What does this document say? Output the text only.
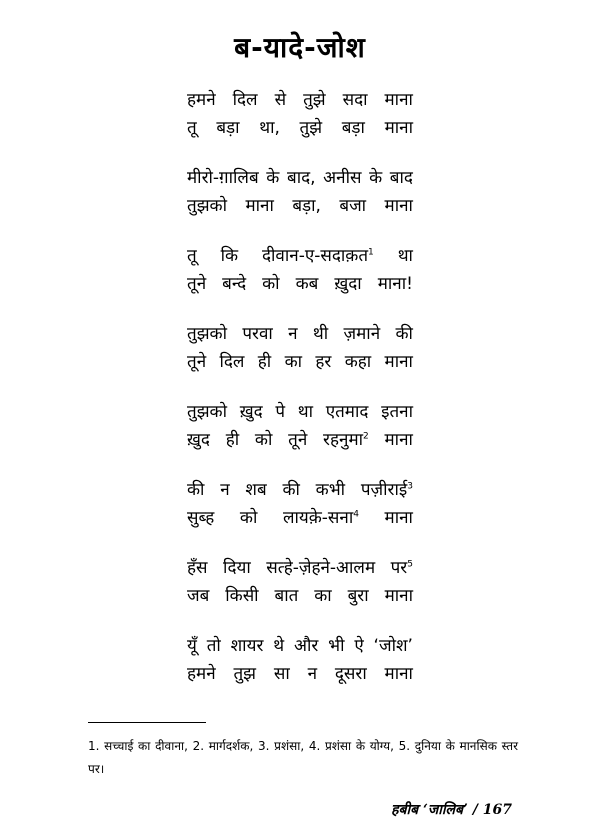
ब-यादे-जोश
हमने दिल से तुझे सदा माना
तू बड़ा था, तुझे बड़ा माना
मीरो-ग़ालिब के बाद, अनीस के बाद
तुझको माना बड़ा, बजा माना
तू कि दीवान-ए-सदाक़त$^1$ था
तूने बन्दे को कब ख़ुदा माना!
तुझको परवा न थी ज़माने की
तूने दिल ही का हर कहा माना
तुझको ख़ुद पे था एतमाद इतना
ख़ुद ही को तूने रहनुमा$^2$ माना
की न शब की कभी पज़ीराई$^3$
सुब्ह को लायक़े-सना$^4$ माना
हँस दिया सत्हे-ज़ेहने-आलम पर$^5$
जब किसी बात का बुरा माना
यूँ तो शायर थे और भी ऐ ‘जोश’
हमने तुझ सा न दूसरा माना
1. सच्चाई का दीवाना, 2. मार्गदर्शक, 3. प्रशंसा, 4. प्रशंसा के योग्य, 5. दुनिया के मानसिक स्तर पर।
हबीब ‘जालिब’ / 167
